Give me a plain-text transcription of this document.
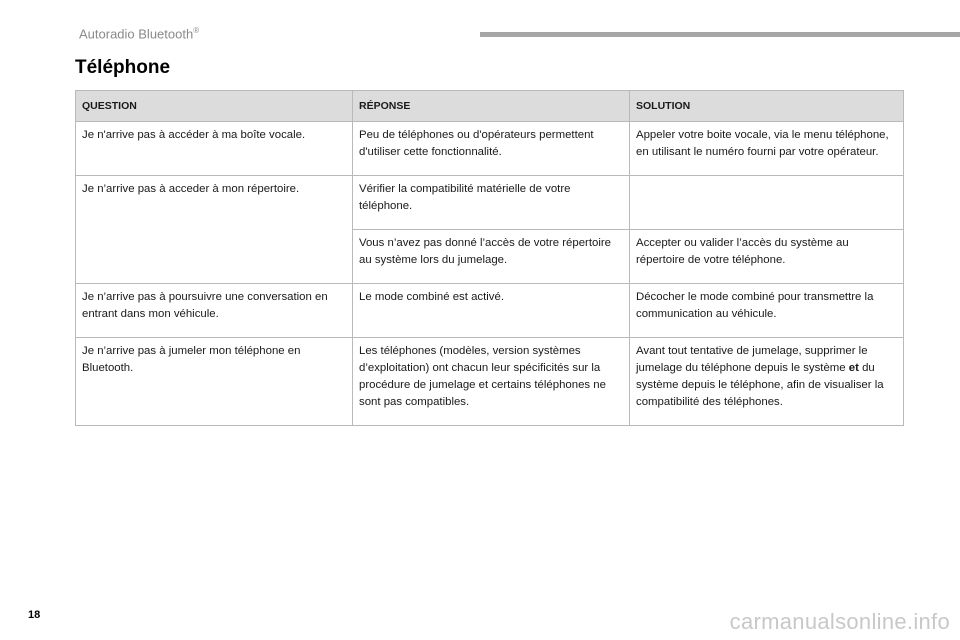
Autoradio Bluetooth®
Téléphone
QUESTION	RÉPONSE	SOLUTION
Je n'arrive pas à accéder à ma boîte vocale.	Peu de téléphones ou d'opérateurs permettent d'utiliser cette fonctionnalité.	Appeler votre boite vocale, via le menu téléphone, en utilisant le numéro fourni par votre opérateur.
Je n’arrive pas à acceder à mon répertoire.	Vérifier la compatibilité matérielle de votre téléphone.	
	Vous n’avez pas donné l’accès de votre répertoire au système lors du jumelage.	Accepter ou valider l’accès du système au répertoire de votre téléphone.
Je n’arrive pas à poursuivre une conversation en entrant dans mon véhicule.	Le mode combiné est activé.	Décocher le mode combiné pour transmettre la communication au véhicule.
Je n’arrive pas à jumeler mon téléphone en Bluetooth.	Les téléphones (modèles, version systèmes d’exploitation) ont chacun leur spécificités sur la procédure de jumelage et certains téléphones ne sont pas compatibles.	Avant tout tentative de jumelage, supprimer le jumelage du téléphone depuis le système et du système depuis le téléphone, afin de visualiser la compatibilité des téléphones.
18	carmanualsonline.info
